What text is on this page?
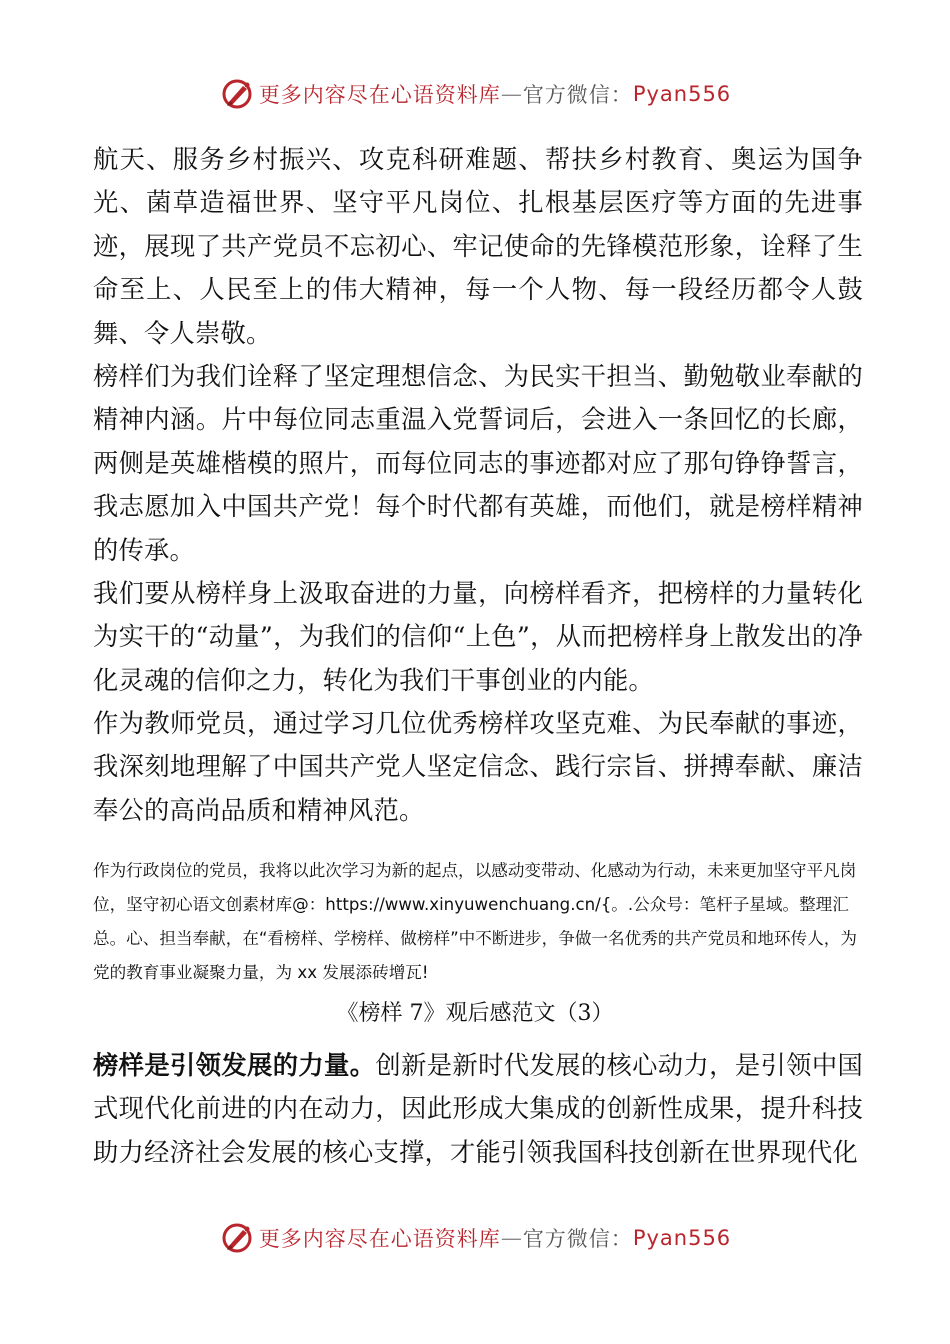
更多内容尽在心语资料库 — 官方微信： Pyan556

航天、服务乡村振兴、攻克科研难题、帮扶乡村教育、奥运为国争光、菌草造福世界、坚守平凡岗位、扎根基层医疗等方面的先进事迹，展现了共产党员不忘初心、牢记使命的先锋模范形象，诠释了生命至上、人民至上的伟大精神，每一个人物、每一段经历都令人鼓舞、令人崇敬。

榜样们为我们诠释了坚定理想信念、为民实干担当、勤勉敬业奉献的精神内涵。片中每位同志重温入党誓词后，会进入一条回忆的长廊，两侧是英雄楷模的照片，而每位同志的事迹都对应了那句铮铮誓言，我志愿加入中国共产党！每个时代都有英雄，而他们，就是榜样精神的传承。

我们要从榜样身上汲取奋进的力量，向榜样看齐，把榜样的力量转化为实干的“动量”，为我们的信仰“上色”，从而把榜样身上散发出的净化灵魂的信仰之力，转化为我们干事创业的内能。

作为教师党员，通过学习几位优秀榜样攻坚克难、为民奉献的事迹，我深刻地理解了中国共产党人坚定信念、践行宗旨、拼搏奉献、廉洁奉公的高尚品质和精神风范。

作为行政岗位的党员，我将以此次学习为新的起点，以感动变带动、化感动为行动，未来更加坚守平凡岗位，坚守初心语文创素材库@：https://www.xinyuwenchuang.cn/{。.公众号：笔杆子星域。整理汇总。心、担当奉献，在“看榜样、学榜样、做榜样”中不断进步，争做一名优秀的共产党员和地环传人，为党的教育事业凝聚力量，为 xx 发展添砖增瓦!

《榜样 7》观后感范文（3）

榜样是引领发展的力量。创新是新时代发展的核心动力，是引领中国式现代化前进的内在动力，因此形成大集成的创新性成果，提升科技助力经济社会发展的核心支撑，才能引领我国科技创新在世界现代化

更多内容尽在心语资料库 — 官方微信： Pyan556
